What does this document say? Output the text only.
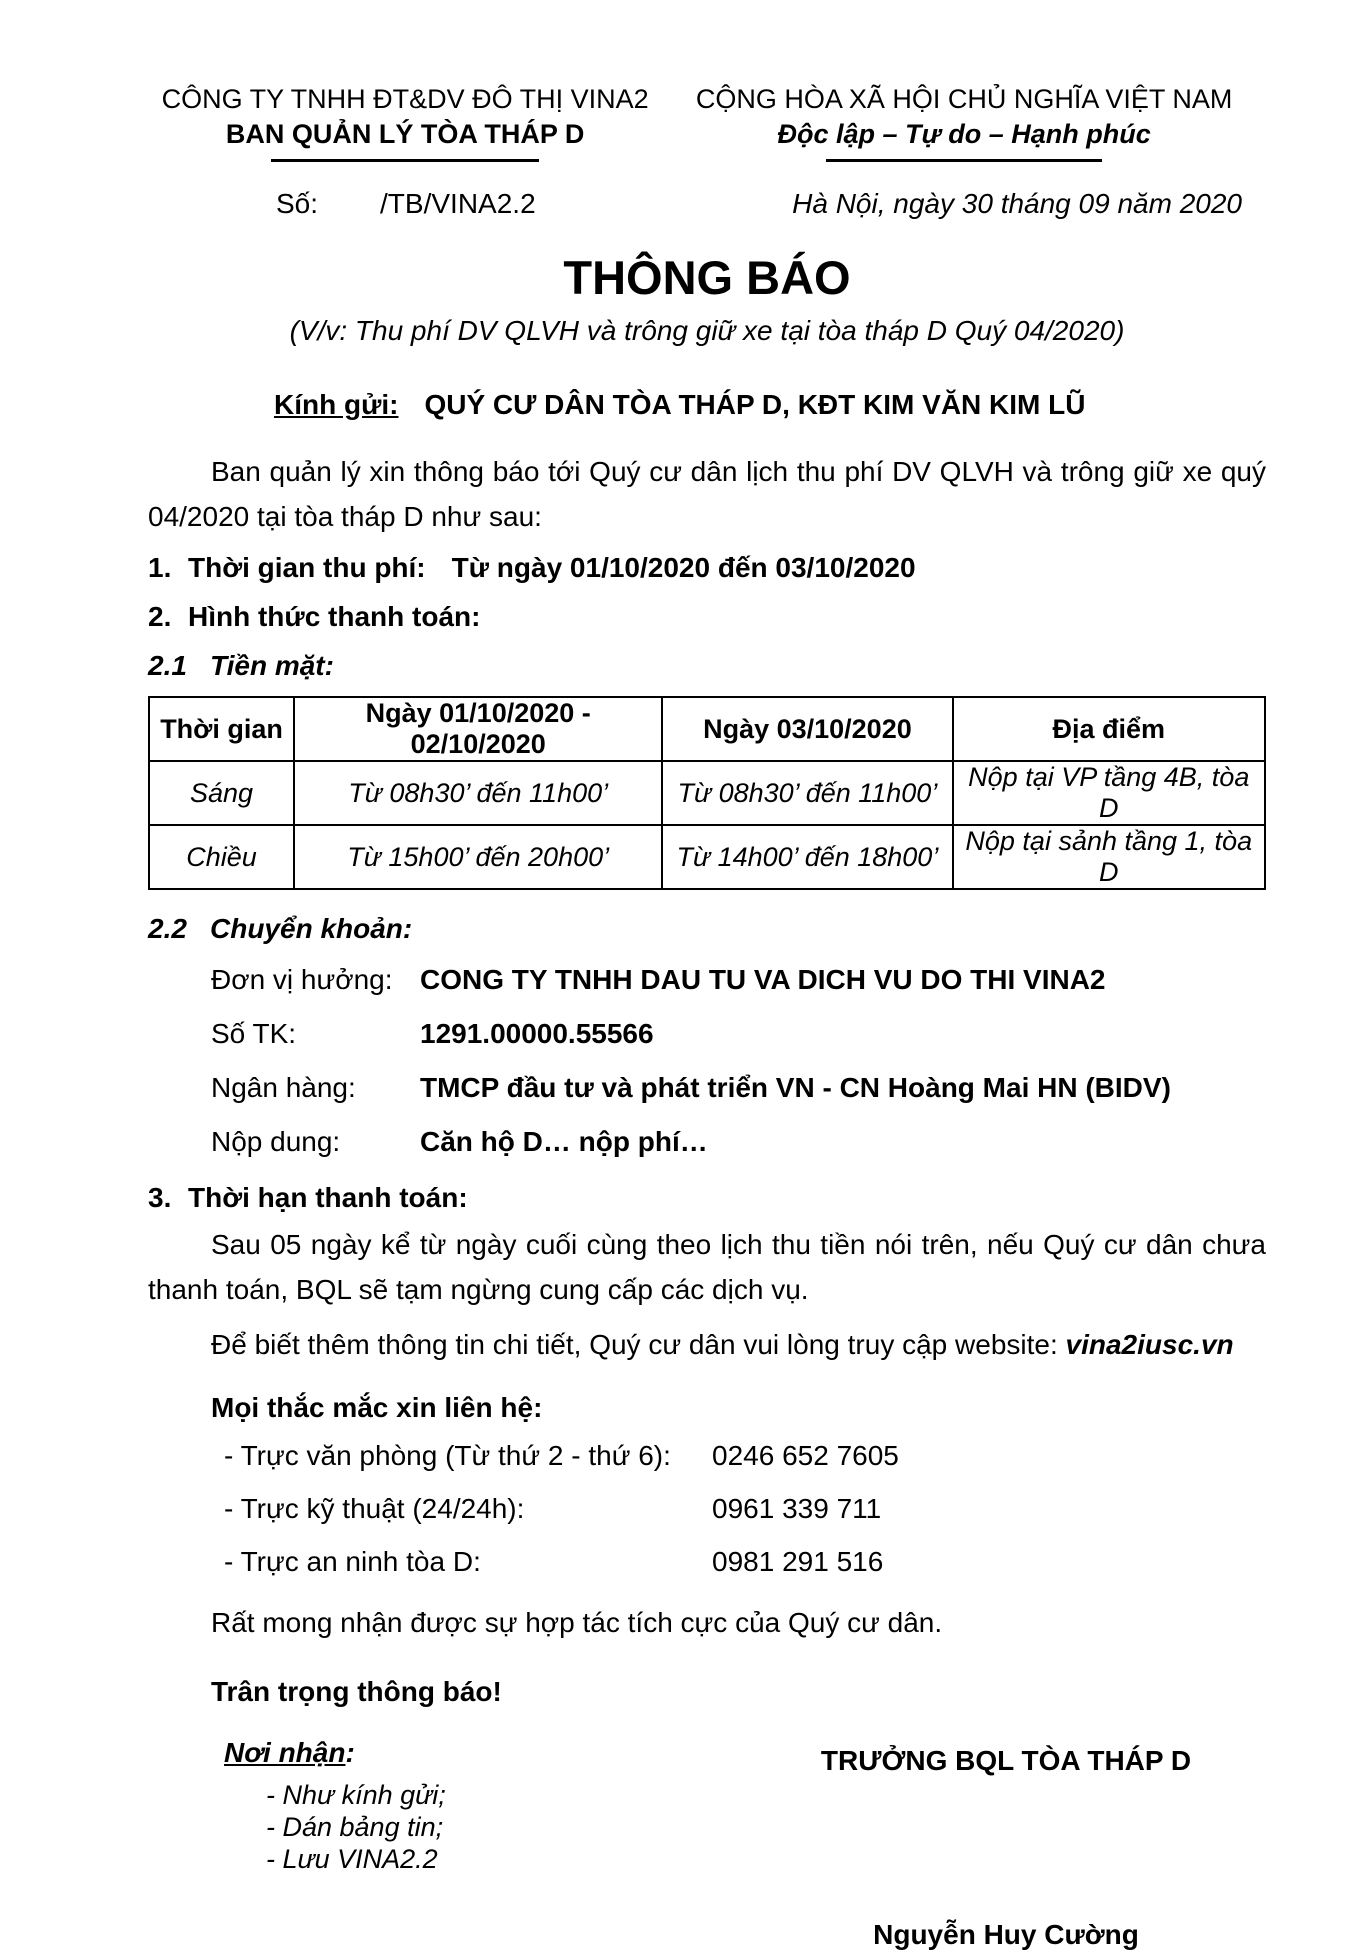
CÔNG TY TNHH ĐT&DV ĐÔ THỊ VINA2
BAN QUẢN LÝ TÒA THÁP D
CỘNG HÒA XÃ HỘI CHỦ NGHĨA VIỆT NAM
Độc lập – Tự do – Hạnh phúc
Số: /TB/VINA2.2	Hà Nội, ngày 30 tháng 09 năm 2020
THÔNG BÁO
(V/v: Thu phí DV QLVH và trông giữ xe tại tòa tháp D Quý 04/2020)
Kính gửi: QUÝ CƯ DÂN TÒA THÁP D, KĐT KIM VĂN KIM LŨ

Ban quản lý xin thông báo tới Quý cư dân lịch thu phí DV QLVH và trông giữ xe quý 04/2020 tại tòa tháp D như sau:

1. Thời gian thu phí: Từ ngày 01/10/2020 đến 03/10/2020
2. Hình thức thanh toán:
2.1 Tiền mặt:
Thời gian	Ngày 01/10/2020 - 02/10/2020	Ngày 03/10/2020	Địa điểm
Sáng	Từ 08h30’ đến 11h00’	Từ 08h30’ đến 11h00’	Nộp tại VP tầng 4B, tòa D
Chiều	Từ 15h00’ đến 20h00’	Từ 14h00’ đến 18h00’	Nộp tại sảnh tầng 1, tòa D
2.2 Chuyển khoản:
Đơn vị hưởng: CONG TY TNHH DAU TU VA DICH VU DO THI VINA2
Số TK:	1291.00000.55566
Ngân hàng: TMCP đầu tư và phát triển VN - CN Hoàng Mai HN (BIDV)
Nộp dung:	Căn hộ D… nộp phí…
3. Thời hạn thanh toán:

Sau 05 ngày kể từ ngày cuối cùng theo lịch thu tiền nói trên, nếu Quý cư dân chưa thanh toán, BQL sẽ tạm ngừng cung cấp các dịch vụ.

Để biết thêm thông tin chi tiết, Quý cư dân vui lòng truy cập website: vina2iusc.vn
Mọi thắc mắc xin liên hệ:
- Trực văn phòng (Từ thứ 2 - thứ 6): 0246 652 7605
- Trực kỹ thuật (24/24h):	0961 339 711
- Trực an ninh tòa D:	0981 291 516
Rất mong nhận được sự hợp tác tích cực của Quý cư dân.
Trân trọng thông báo!
Nơi nhận:
- Như kính gửi;
- Dán bảng tin;
- Lưu VINA2.2
TRƯỞNG BQL TÒA THÁP D
Nguyễn Huy Cường
